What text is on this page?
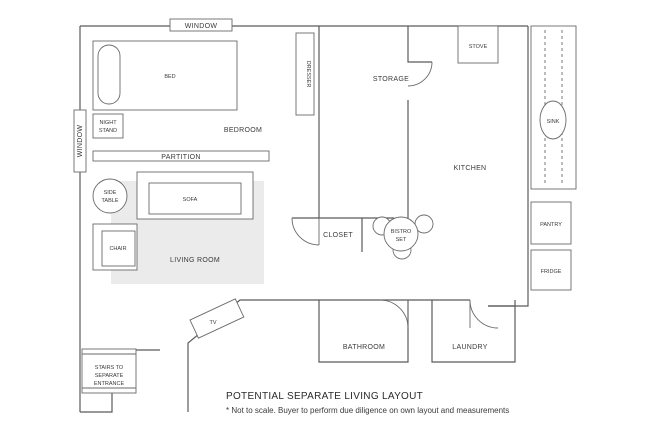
WINDOW
WINDOW
BED
NIGHT
STAND	BEDROOM
PARTITION
DRESSER
SIDE
TABLE	SOFA
CHAIR
LIVING ROOM
TV
STAIRS TO
SEPARATE
ENTRANCE
STORAGE
CLOSET
STOVE
SINK
KITCHEN
PANTRY
FRIDGE
BISTRO
SET
BATHROOM	LAUNDRY
POTENTIAL SEPARATE LIVING LAYOUT
* Not to scale. Buyer to perform due diligence on own layout and measurements
